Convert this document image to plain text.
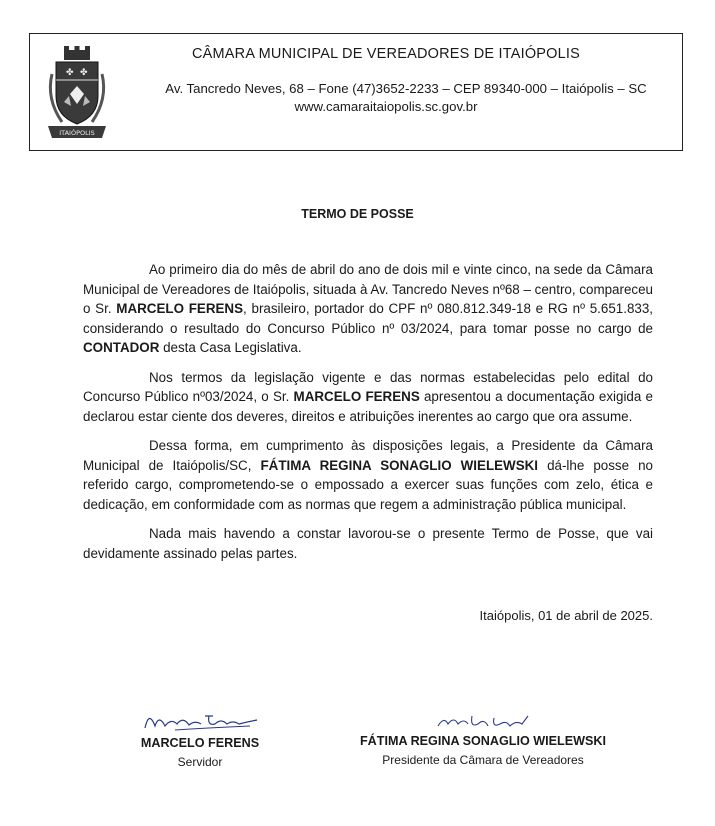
✤ ✤
ITAIÓPOLIS
CÂMARA MUNICIPAL DE VEREADORES DE ITAIÓPOLIS
Av. Tancredo Neves, 68 – Fone (47)3652-2233 – CEP 89340-000 – Itaiópolis – SC
www.camaraitaiopolis.sc.gov.br
TERMO DE POSSE

Ao primeiro dia do mês de abril do ano de dois mil e vinte cinco, na sede da Câmara Municipal de Vereadores de Itaiópolis, situada à Av. Tancredo Neves nº68 – centro, compareceu o Sr. MARCELO FERENS, brasileiro, portador do CPF nº 080.812.349-18 e RG nº 5.651.833, considerando o resultado do Concurso Público nº 03/2024, para tomar posse no cargo de CONTADOR desta Casa Legislativa.

Nos termos da legislação vigente e das normas estabelecidas pelo edital do Concurso Público nº03/2024, o Sr. MARCELO FERENS apresentou a documentação exigida e declarou estar ciente dos deveres, direitos e atribuições inerentes ao cargo que ora assume.

Dessa forma, em cumprimento às disposições legais, a Presidente da Câmara Municipal de Itaiópolis/SC, FÁTIMA REGINA SONAGLIO WIELEWSKI dá-lhe posse no referido cargo, comprometendo-se o empossado a exercer suas funções com zelo, ética e dedicação, em conformidade com as normas que regem a administração pública municipal.

Nada mais havendo a constar lavorou-se o presente Termo de Posse, que vai devidamente assinado pelas partes.

Itaiópolis, 01 de abril de 2025.
MARCELO FERENS
Servidor
FÁTIMA REGINA SONAGLIO WIELEWSKI
Presidente da Câmara de Vereadores
